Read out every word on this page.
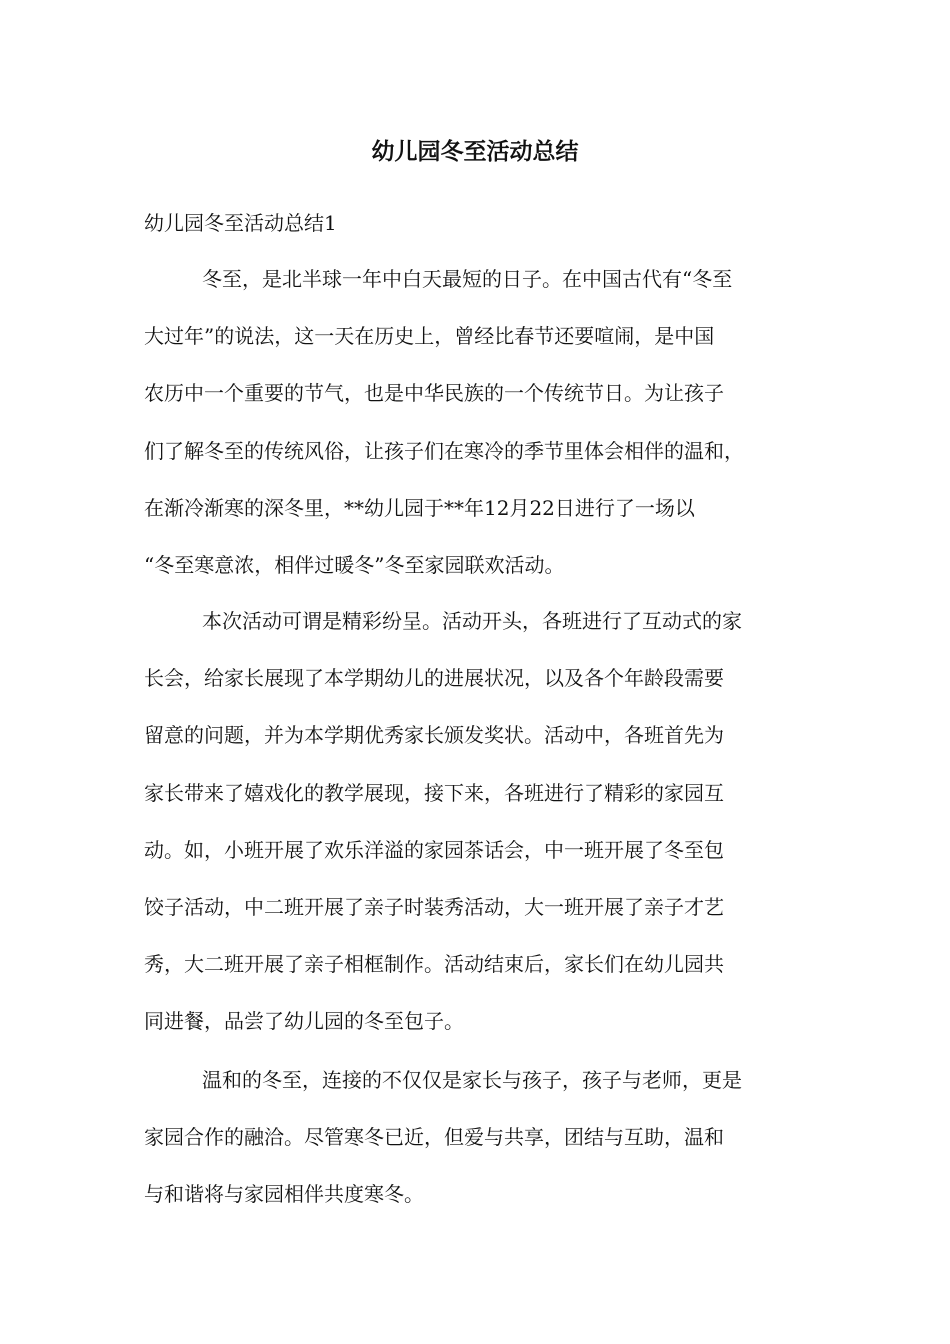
幼儿园冬至活动总结

幼儿园冬至活动总结1

冬至，是北半球一年中白天最短的日子。在中国古代有“冬至
大过年”的说法，这一天在历史上，曾经比春节还要喧闹，是中国
农历中一个重要的节气，也是中华民族的一个传统节日。为让孩子
们了解冬至的传统风俗，让孩子们在寒冷的季节里体会相伴的温和，
在渐冷渐寒的深冬里，**幼儿园于**年12月22日进行了一场以
“冬至寒意浓，相伴过暖冬”冬至家园联欢活动。
本次活动可谓是精彩纷呈。活动开头，各班进行了互动式的家
长会，给家长展现了本学期幼儿的进展状况，以及各个年龄段需要
留意的问题，并为本学期优秀家长颁发奖状。活动中，各班首先为
家长带来了嬉戏化的教学展现，接下来，各班进行了精彩的家园互
动。如，小班开展了欢乐洋溢的家园茶话会，中一班开展了冬至包
饺子活动，中二班开展了亲子时装秀活动，大一班开展了亲子才艺
秀，大二班开展了亲子相框制作。活动结束后，家长们在幼儿园共
同进餐，品尝了幼儿园的冬至包子。
温和的冬至，连接的不仅仅是家长与孩子，孩子与老师，更是
家园合作的融洽。尽管寒冬已近，但爱与共享，团结与互助，温和
与和谐将与家园相伴共度寒冬。
